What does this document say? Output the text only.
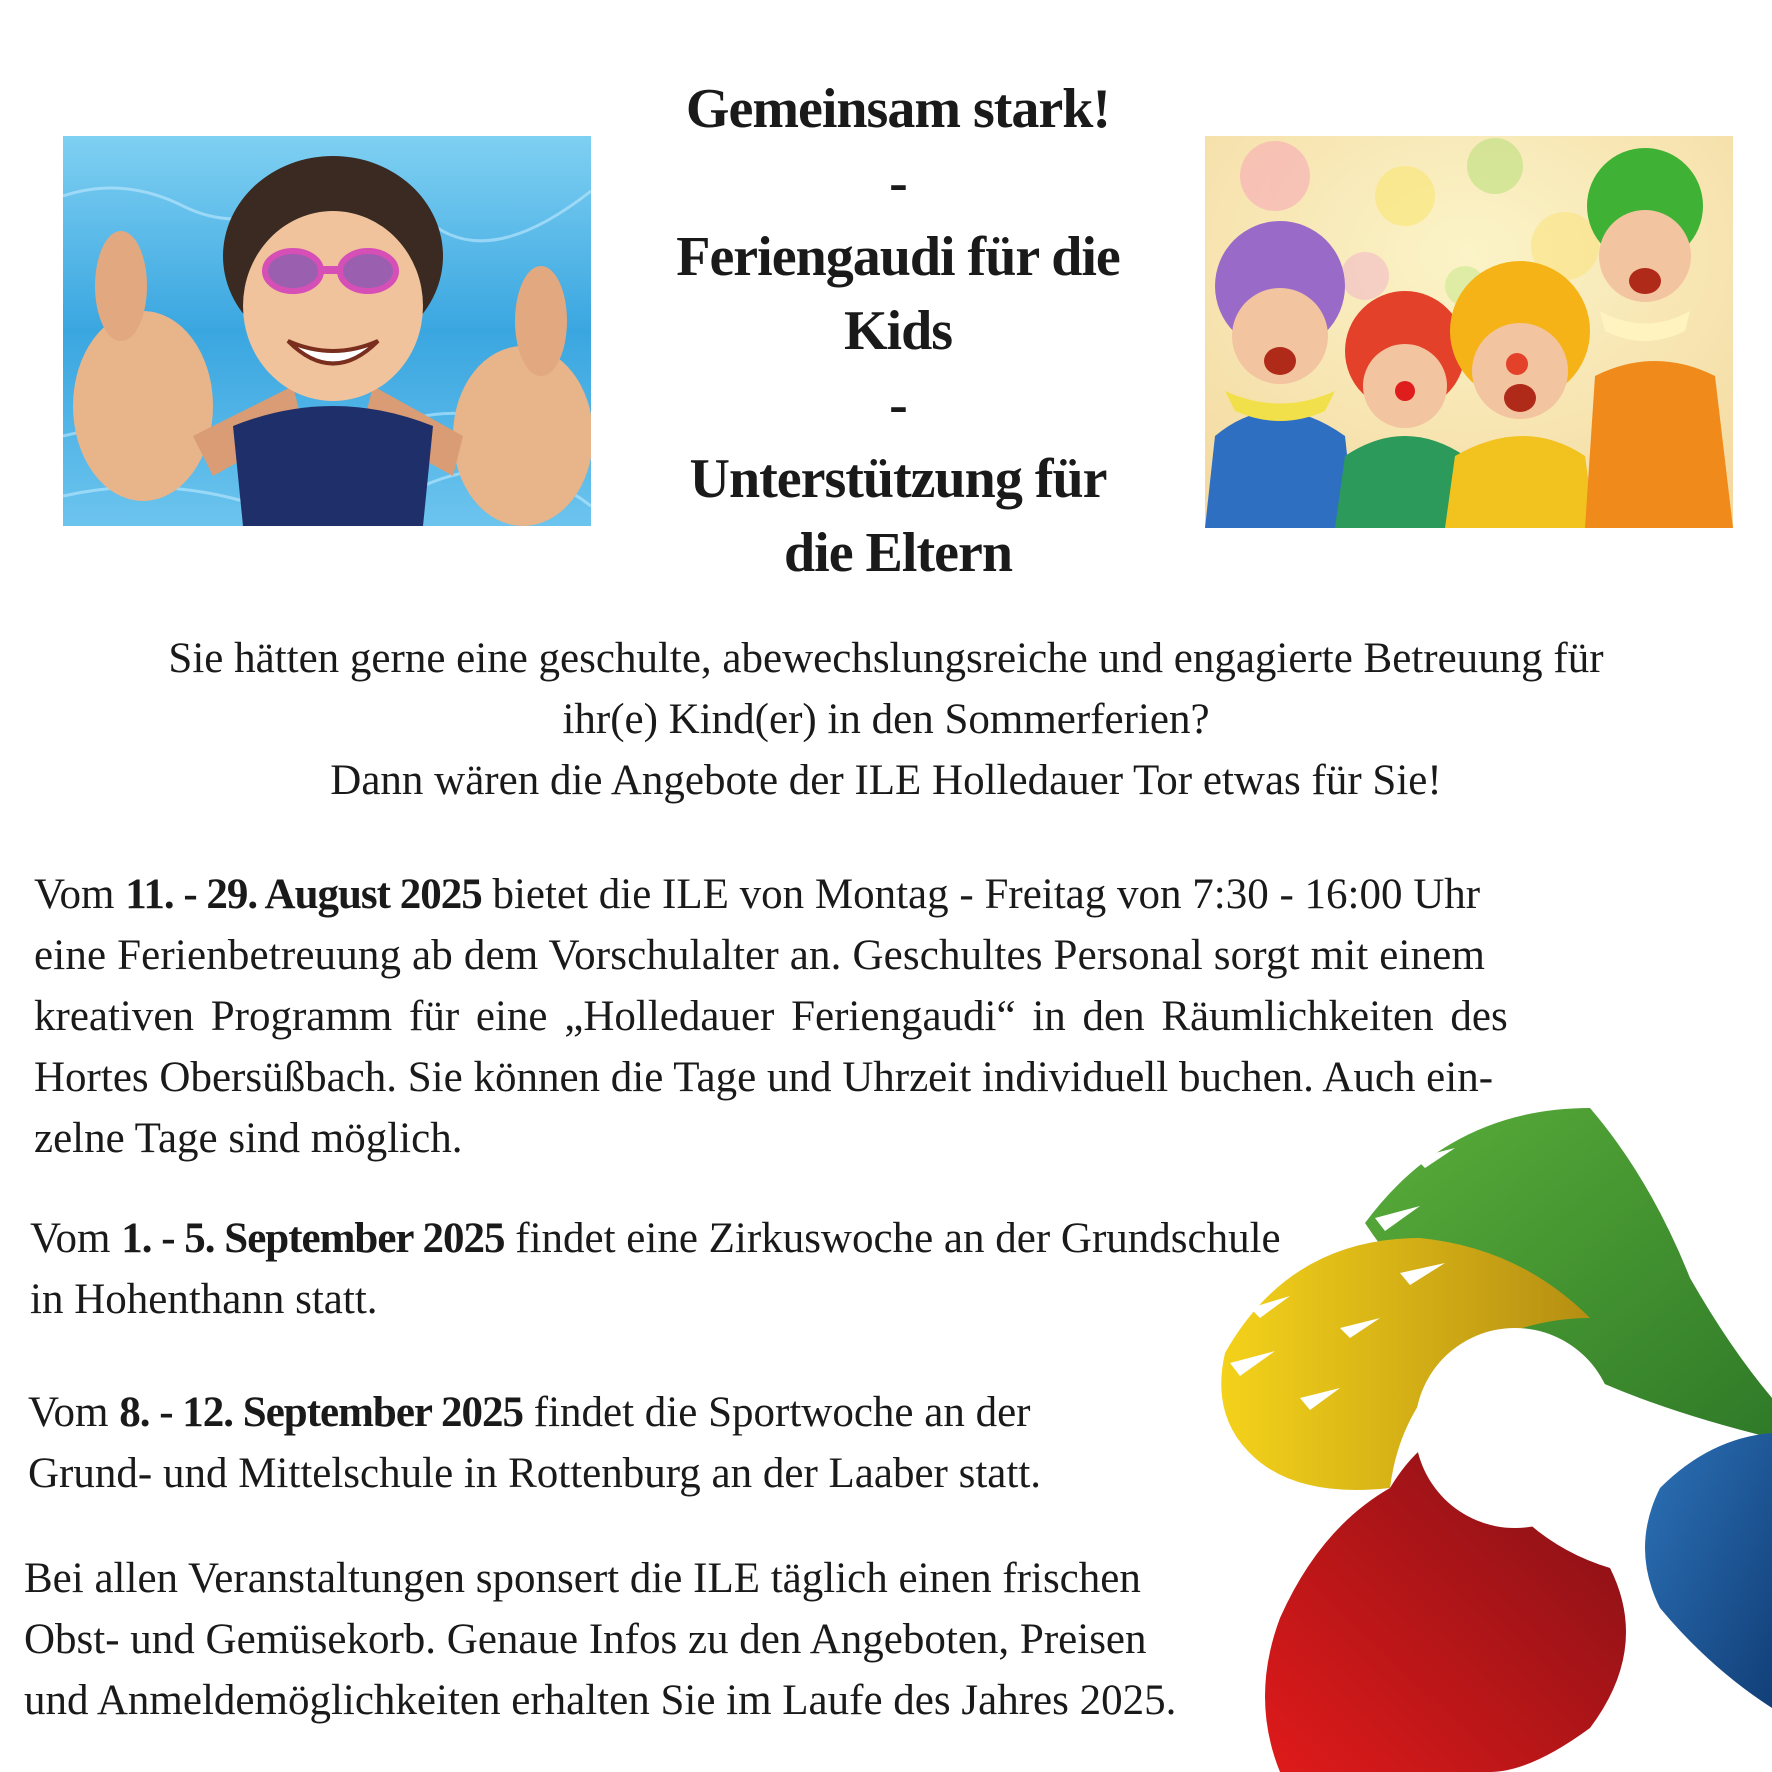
Gemeinsam stark!
-
Feriengaudi für die
Kids
-
Unterstützung für
die Eltern
Sie hätten gerne eine geschulte, abewechslungsreiche und engagierte Betreuung für
ihr(e) Kind(er) in den Sommerferien?
Dann wären die Angebote der ILE Holledauer Tor etwas für Sie!
Vom 11. - 29. August 2025 bietet die ILE von Montag - Freitag von 7:30 - 16:00 Uhr
eine Ferienbetreuung ab dem Vorschulalter an. Geschultes Personal sorgt mit einem
kreativen Programm für eine „Holledauer Feriengaudi“ in den Räumlichkeiten des
Hortes Obersüßbach. Sie können die Tage und Uhrzeit individuell buchen. Auch ein-
zelne Tage sind möglich.
Vom 1. - 5. September 2025 findet eine Zirkuswoche an der Grundschule
in Hohenthann statt.
Vom 8. - 12. September 2025 findet die Sportwoche an der
Grund- und Mittelschule in Rottenburg an der Laaber statt.
Bei allen Veranstaltungen sponsert die ILE täglich einen frischen
Obst- und Gemüsekorb. Genaue Infos zu den Angeboten, Preisen
und Anmeldemöglichkeiten erhalten Sie im Laufe des Jahres 2025.
